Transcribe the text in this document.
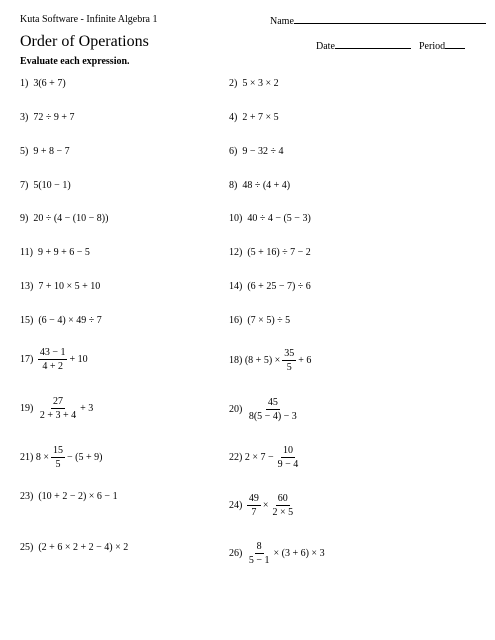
Kuta Software - Infinite Algebra 1	Name
Order of Operations	Date	Period
Evaluate each expression.
1) 3(6 + 7)
3) 72 ÷ 9 + 7
5) 9 + 8 − 7
7) 5(10 − 1)
9) 20 ÷ (4 − (10 − 8))
11) 9 + 9 + 6 − 5
13) 7 + 10 × 5 + 10
15) (6 − 4) × 49 ÷ 7
2) 5 × 3 × 2
4) 2 + 7 × 5
6) 9 − 32 ÷ 4
8) 48 ÷ (4 + 4)
10) 40 ÷ 4 − (5 − 3)
12) (5 + 16) ÷ 7 − 2
14) (6 + 25 − 7) ÷ 6
16) (7 × 5) ÷ 5
17)
$\frac{43 - 1}{4 + 2} + 10$	18)
$(8 + 5) \times \frac{35}{5} + 6$
19)
$\frac{27}{2 + 3 + 4} + 3$	20)
$\frac{45}{8(5 - 4) - 3}$
21)
$8 \times \frac{15}{5} - (5 + 9)$	22)
$2 \times 7 - \frac{10}{9 - 4}$
23) (10 + 2 − 2) × 6 − 1
24)
$\frac{49}{7} \times \frac{60}{2 \times 5}$
25) (2 + 6 × 2 + 2 − 4) × 2	26)
$\frac{8}{5 - 1} \times (3 + 6) \times 3$
